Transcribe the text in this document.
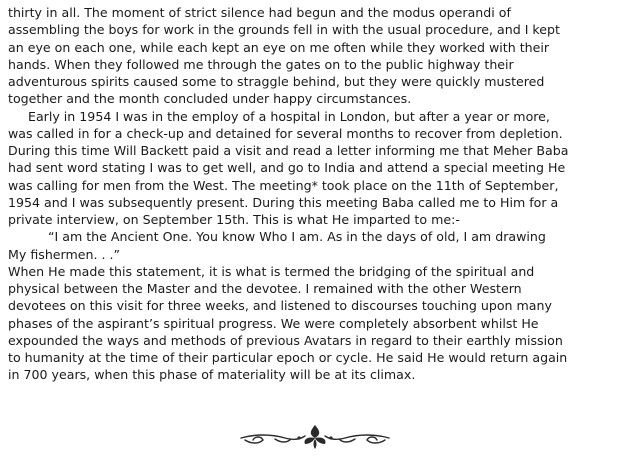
thirty in all. The moment of strict silence had begun and the modus operandi of
assembling the boys for work in the grounds fell in with the usual procedure, and I kept
an eye on each one, while each kept an eye on me often while they worked with their
hands. When they followed me through the gates on to the public highway their
adventurous spirits caused some to straggle behind, but they were quickly mustered
together and the month concluded under happy circumstances.
Early in 1954 I was in the employ of a hospital in London, but after a year or more,
was called in for a check-up and detained for several months to recover from depletion.
During this time Will Backett paid a visit and read a letter informing me that Meher Baba
had sent word stating I was to get well, and go to India and attend a special meeting He
was calling for men from the West. The meeting* took place on the 11th of September,
1954 and I was subsequently present. During this meeting Baba called me to Him for a
private interview, on September 15th. This is what He imparted to me:-
“I am the Ancient One. You know Who I am. As in the days of old, I am drawing
My fishermen. . .”
When He made this statement, it is what is termed the bridging of the spiritual and
physical between the Master and the devotee. I remained with the other Western
devotees on this visit for three weeks, and listened to discourses touching upon many
phases of the aspirant’s spiritual progress. We were completely absorbent whilst He
expounded the ways and methods of previous Avatars in regard to their earthly mission
to humanity at the time of their particular epoch or cycle. He said He would return again
in 700 years, when this phase of materiality will be at its climax.
